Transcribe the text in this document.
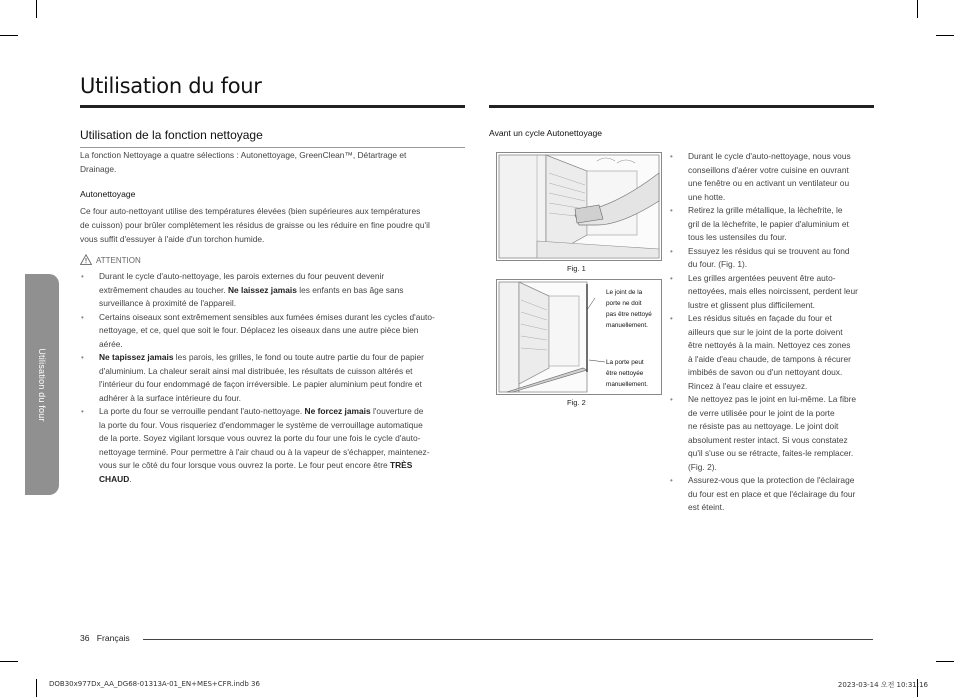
Utilisation du four
Utilisation du four
Utilisation de la fonction nettoyage
La fonction Nettoyage a quatre sélections : Autonettoyage, GreenClean™, Détartrage et
Drainage.
Autonettoyage
Ce four auto-nettoyant utilise des températures élevées (bien supérieures aux températures
de cuisson) pour brûler complètement les résidus de graisse ou les réduire en fine poudre qu'il
vous suffit d'essuyer à l'aide d'un torchon humide.
ATTENTION
• Durant le cycle d'auto-nettoyage, les parois externes du four peuvent devenir
extrêmement chaudes au toucher. Ne laissez jamais les enfants en bas âge sans
surveillance à proximité de l'appareil.
• Certains oiseaux sont extrêmement sensibles aux fumées émises durant les cycles d'auto-
nettoyage, et ce, quel que soit le four. Déplacez les oiseaux dans une autre pièce bien
aérée.
• Ne tapissez jamais les parois, les grilles, le fond ou toute autre partie du four de papier
d'aluminium. La chaleur serait ainsi mal distribuée, les résultats de cuisson altérés et
l'intérieur du four endommagé de façon irréversible. Le papier aluminium peut fondre et
adhérer à la surface intérieure du four.
• La porte du four se verrouille pendant l'auto-nettoyage. Ne forcez jamais l'ouverture de
la porte du four. Vous risqueriez d'endommager le système de verrouillage automatique
de la porte. Soyez vigilant lorsque vous ouvrez la porte du four une fois le cycle d'auto-
nettoyage terminé. Pour permettre à l'air chaud ou à la vapeur de s'échapper, maintenez-
vous sur le côté du four lorsque vous ouvrez la porte. Le four peut encore être TRÈS
CHAUD.
Avant un cycle Autonettoyage
Fig. 1
Le joint de la
porte ne doit
pas être nettoyé
manuellement.
La porte peut
être nettoyée
manuellement.
Fig. 2
• Durant le cycle d'auto-nettoyage, nous vous
conseillons d'aérer votre cuisine en ouvrant
une fenêtre ou en activant un ventilateur ou
une hotte.
• Retirez la grille métallique, la lèchefrite, le
gril de la lèchefrite, le papier d'aluminium et
tous les ustensiles du four.
• Essuyez les résidus qui se trouvent au fond
du four. (Fig. 1).
• Les grilles argentées peuvent être auto-
nettoyées, mais elles noircissent, perdent leur
lustre et glissent plus difficilement.
• Les résidus situés en façade du four et
ailleurs que sur le joint de la porte doivent
être nettoyés à la main. Nettoyez ces zones
à l'aide d'eau chaude, de tampons à récurer
imbibés de savon ou d'un nettoyant doux.
Rincez à l'eau claire et essuyez.
• Ne nettoyez pas le joint en lui-même. La fibre
de verre utilisée pour le joint de la porte
ne résiste pas au nettoyage. Le joint doit
absolument rester intact. Si vous constatez
qu'il s'use ou se rétracte, faites-le remplacer.
(Fig. 2).
• Assurez-vous que la protection de l'éclairage
du four est en place et que l'éclairage du four
est éteint.
36 Français
DOB30x977Dx_AA_DG68-01313A-01_EN+MES+CFR.indb 36	2023-03-14 오전 10:31:16
